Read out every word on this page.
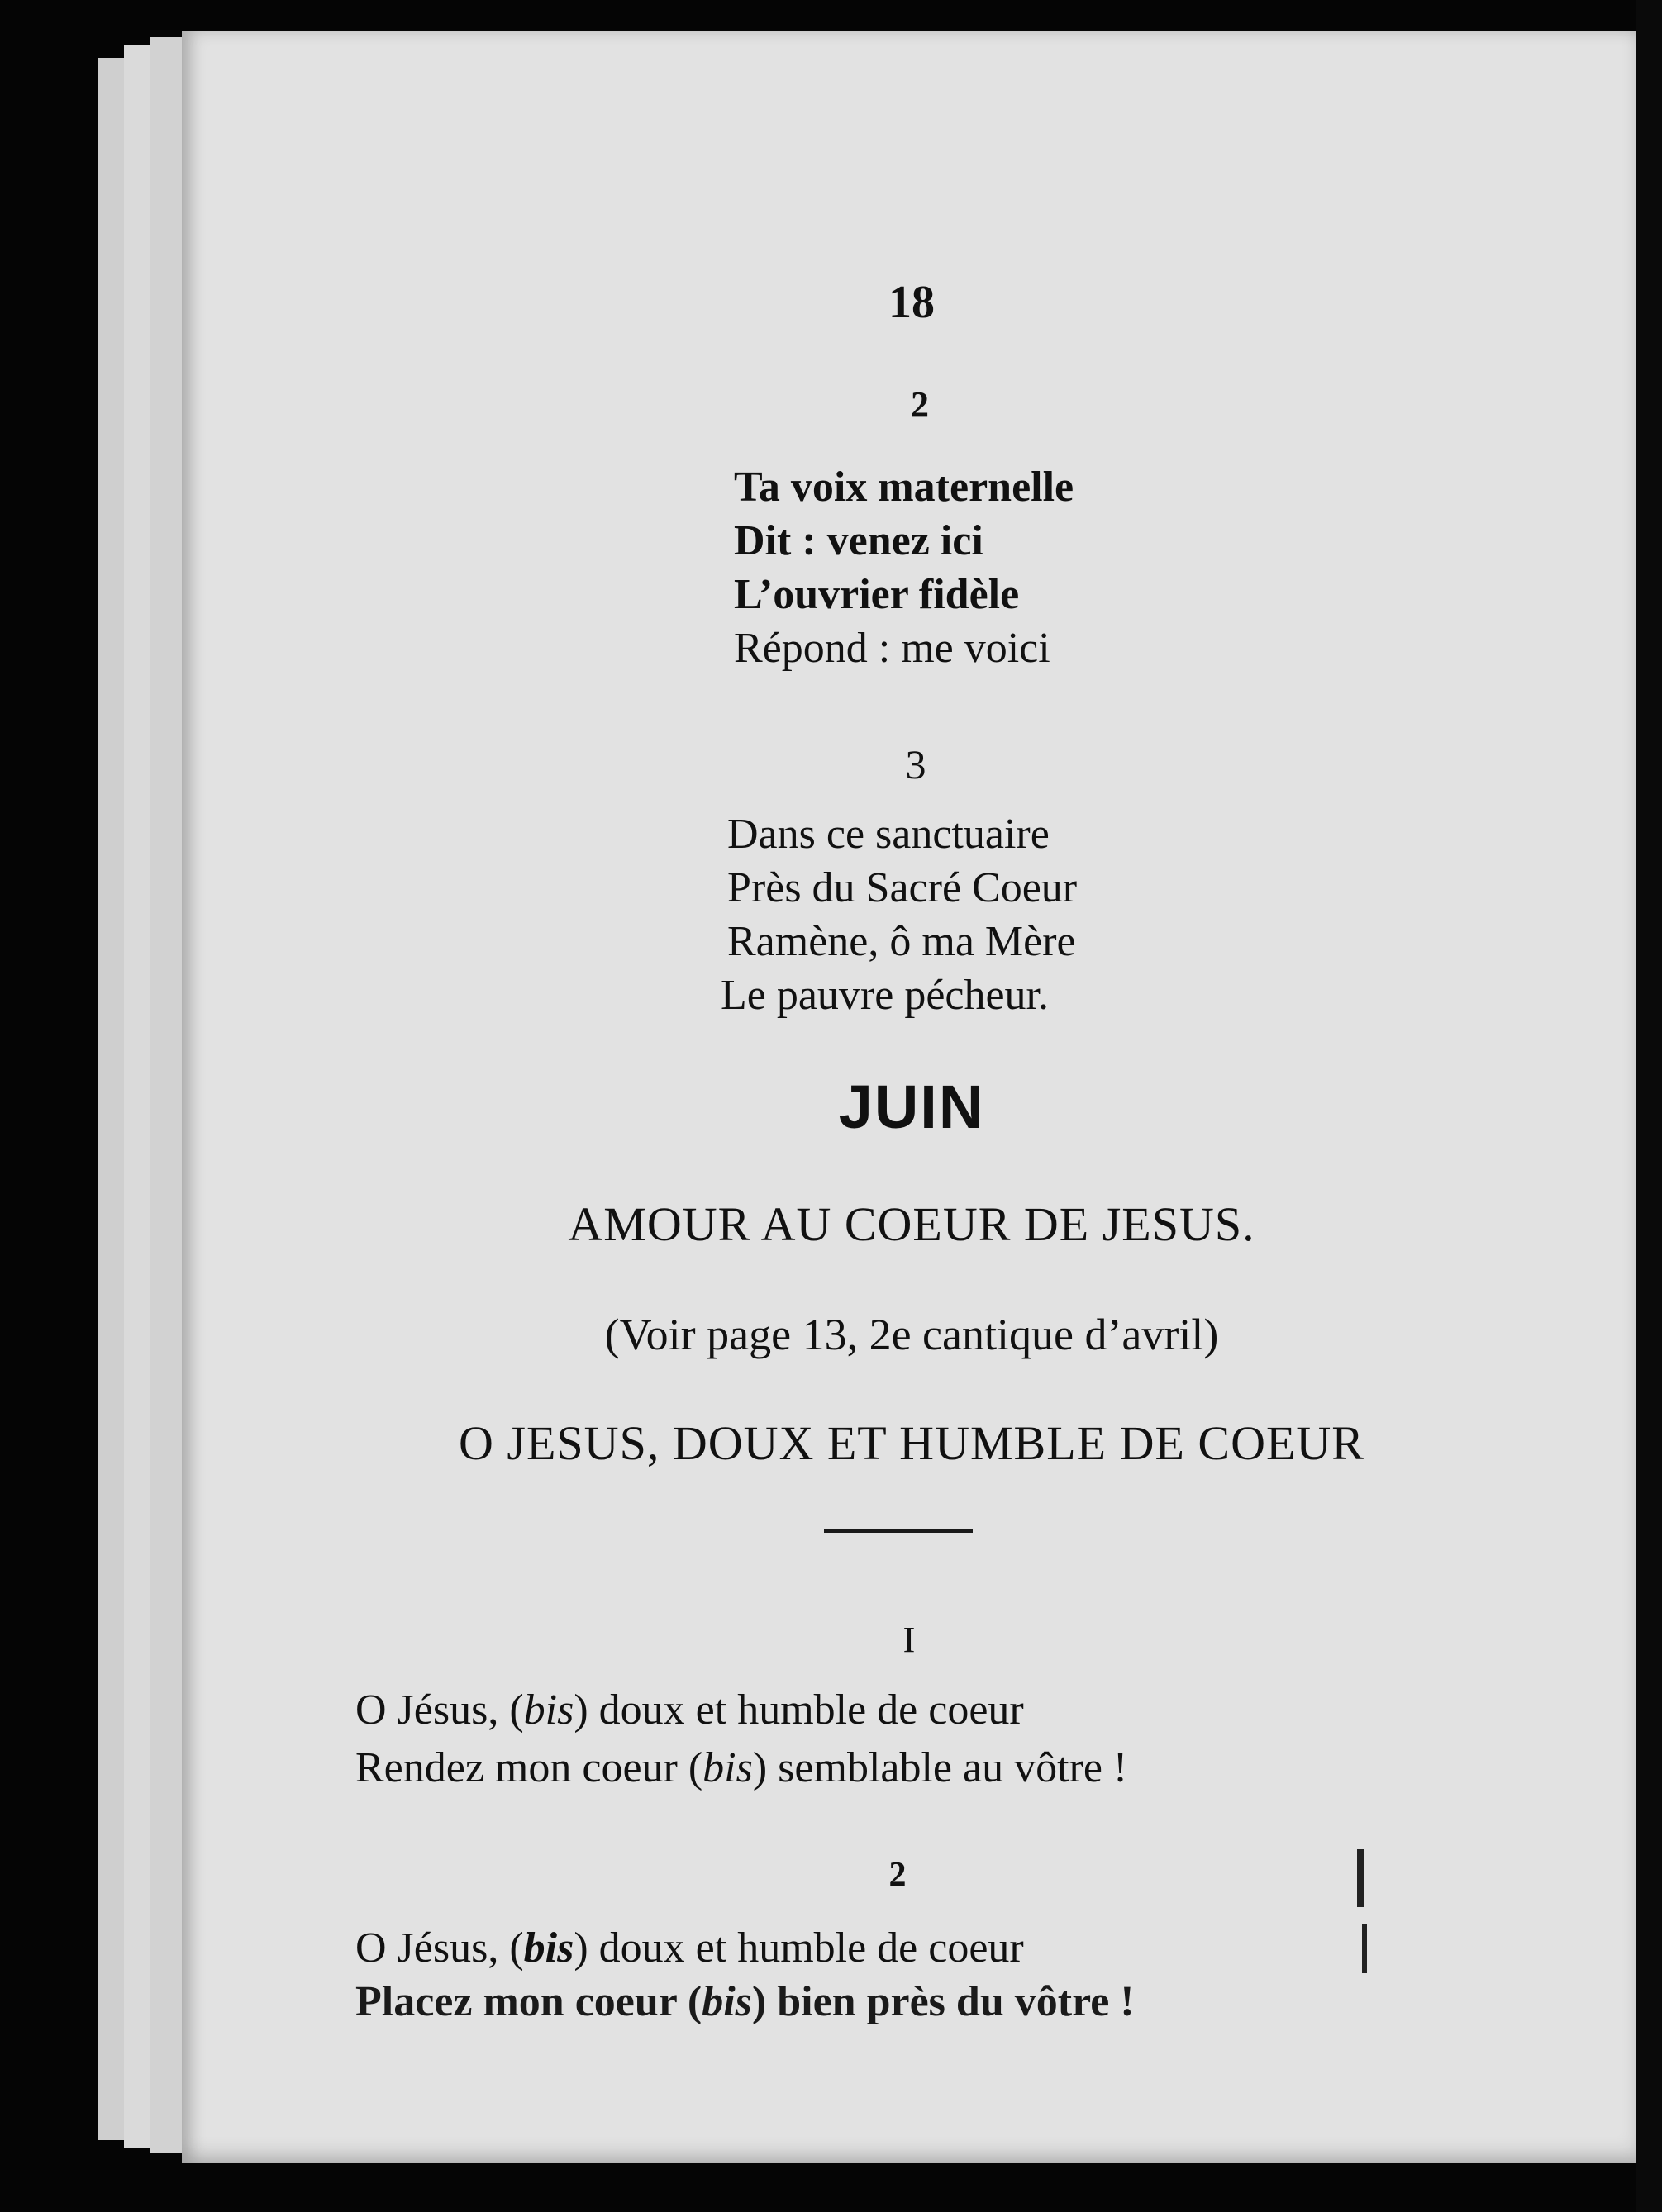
18
2
Ta voix maternelle
Dit : venez ici
L’ouvrier fidèle
Répond : me voici
3
Dans ce sanctuaire
Près du Sacré Coeur
Ramène, ô ma Mère
Le pauvre pécheur.
JUIN
AMOUR AU COEUR DE JESUS.
(Voir page 13, 2e cantique d’avril)
O JESUS, DOUX ET HUMBLE DE COEUR
I
O Jésus, (bis) doux et humble de coeur
Rendez mon coeur (bis) semblable au vôtre !
2
O Jésus, (bis) doux et humble de coeur
Placez mon coeur (bis) bien près du vôtre !
